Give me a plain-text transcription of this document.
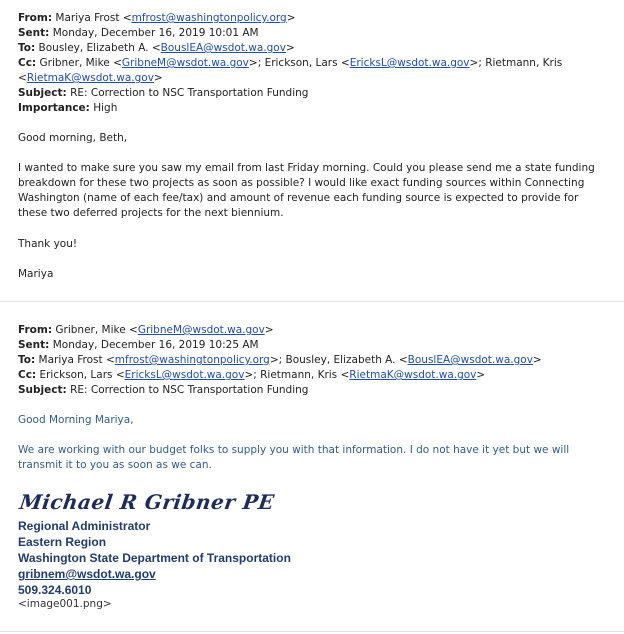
From: Mariya Frost <mfrost@washingtonpolicy.org>
Sent: Monday, December 16, 2019 10:01 AM
To: Bousley, Elizabeth A. <BouslEA@wsdot.wa.gov>
Cc: Gribner, Mike <GribneM@wsdot.wa.gov>; Erickson, Lars <EricksL@wsdot.wa.gov>; Rietmann, Kris
<RietmaK@wsdot.wa.gov>
Subject: RE: Correction to NSC Transportation Funding
Importance: High

Good morning, Beth,

I wanted to make sure you saw my email from last Friday morning. Could you please send me a state funding breakdown for these two projects as soon as possible? I would like exact funding sources within Connecting Washington (name of each fee/tax) and amount of revenue each funding source is expected to provide for these two deferred projects for the next biennium.

Thank you!

Mariya

From: Gribner, Mike <GribneM@wsdot.wa.gov>
Sent: Monday, December 16, 2019 10:25 AM
To: Mariya Frost <mfrost@washingtonpolicy.org>; Bousley, Elizabeth A. <BouslEA@wsdot.wa.gov>
Cc: Erickson, Lars <EricksL@wsdot.wa.gov>; Rietmann, Kris <RietmaK@wsdot.wa.gov>
Subject: RE: Correction to NSC Transportation Funding

Good Morning Mariya,

We are working with our budget folks to supply you with that information. I do not have it yet but we will transmit it to you as soon as we can.

Michael R Gribner PE
Regional Administrator
Eastern Region
Washington State Department of Transportation
gribnem@wsdot.wa.gov
509.324.6010
<image001.png>
